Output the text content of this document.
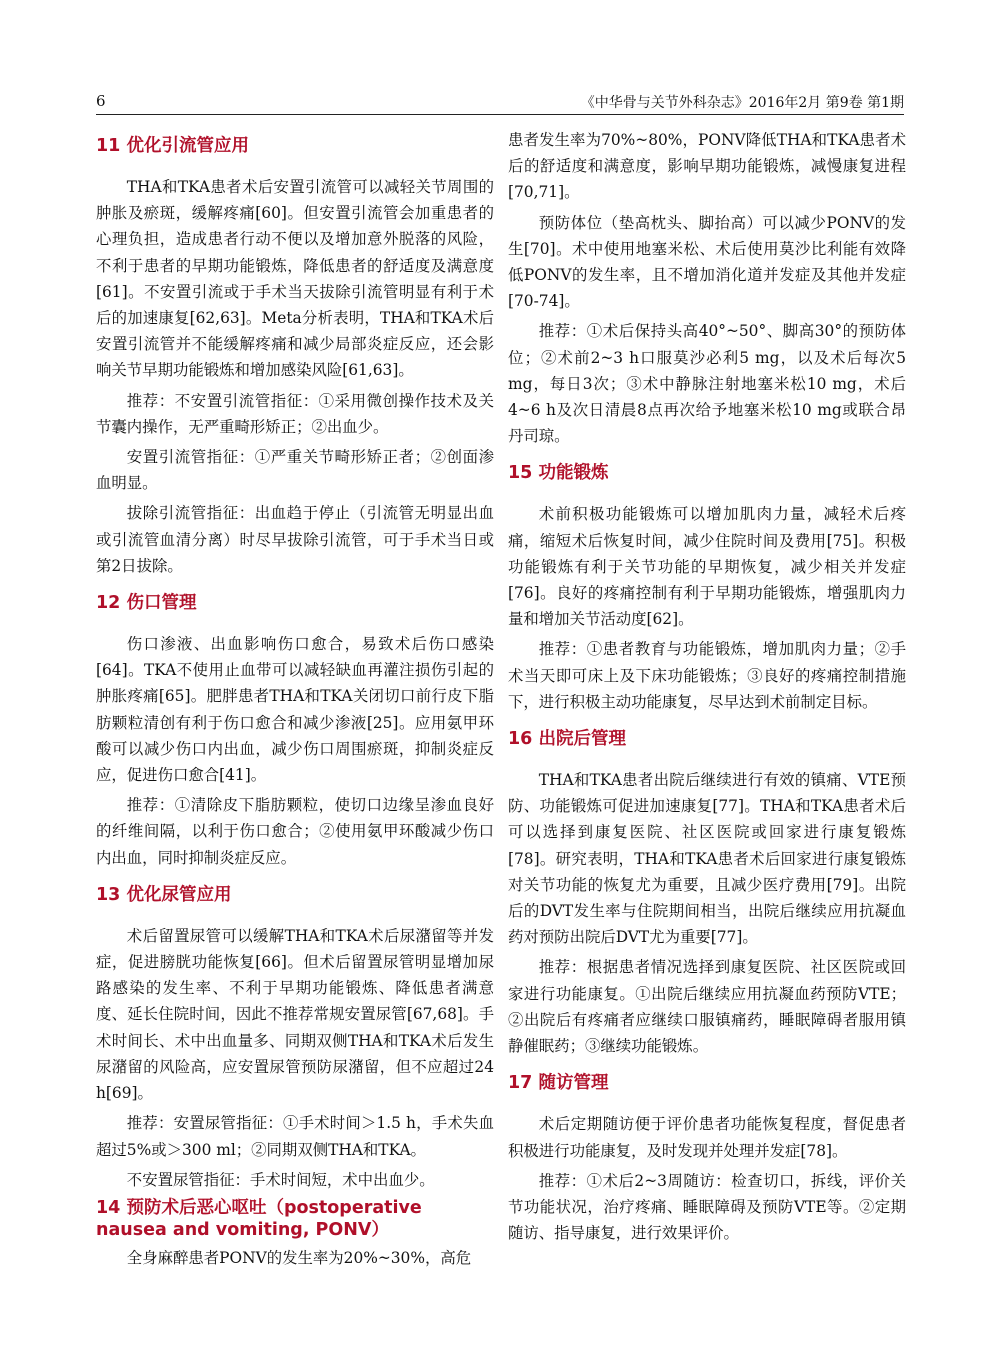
6	《中华骨与关节外科杂志》2016年2月 第9卷 第1期
11 优化引流管应用

THA和TKA患者术后安置引流管可以减轻关节周围的肿胀及瘀斑，缓解疼痛[60]。但安置引流管会加重患者的心理负担，造成患者行动不便以及增加意外脱落的风险，不利于患者的早期功能锻炼，降低患者的舒适度及满意度[61]。不安置引流或于手术当天拔除引流管明显有利于术后的加速康复[62,63]。Meta分析表明，THA和TKA术后安置引流管并不能缓解疼痛和减少局部炎症反应，还会影响关节早期功能锻炼和增加感染风险[61,63]。

推荐：不安置引流管指征：①采用微创操作技术及关节囊内操作，无严重畸形矫正；②出血少。

安置引流管指征：①严重关节畸形矫正者；②创面渗血明显。

拔除引流管指征：出血趋于停止（引流管无明显出血或引流管血清分离）时尽早拔除引流管，可于手术当日或第2日拔除。

12 伤口管理

伤口渗液、出血影响伤口愈合，易致术后伤口感染[64]。TKA不使用止血带可以减轻缺血再灌注损伤引起的肿胀疼痛[65]。肥胖患者THA和TKA关闭切口前行皮下脂肪颗粒清创有利于伤口愈合和减少渗液[25]。应用氨甲环酸可以减少伤口内出血，减少伤口周围瘀斑，抑制炎症反应，促进伤口愈合[41]。

推荐：①清除皮下脂肪颗粒，使切口边缘呈渗血良好的纤维间隔，以利于伤口愈合；②使用氨甲环酸减少伤口内出血，同时抑制炎症反应。

13 优化尿管应用

术后留置尿管可以缓解THA和TKA术后尿潴留等并发症，促进膀胱功能恢复[66]。但术后留置尿管明显增加尿路感染的发生率、不利于早期功能锻炼、降低患者满意度、延长住院时间，因此不推荐常规安置尿管[67,68]。手术时间长、术中出血量多、同期双侧THA和TKA术后发生尿潴留的风险高，应安置尿管预防尿潴留，但不应超过24 h[69]。

推荐：安置尿管指征：①手术时间＞1.5 h，手术失血超过5%或＞300 ml；②同期双侧THA和TKA。

不安置尿管指征：手术时间短，术中出血少。

14 预防术后恶心呕吐（postoperative nausea and vomiting, PONV）

全身麻醉患者PONV的发生率为20%~30%，高危

患者发生率为70%~80%，PONV降低THA和TKA患者术后的舒适度和满意度，影响早期功能锻炼，减慢康复进程[70,71]。

预防体位（垫高枕头、脚抬高）可以减少PONV的发生[70]。术中使用地塞米松、术后使用莫沙比利能有效降低PONV的发生率，且不增加消化道并发症及其他并发症[70-74]。

推荐：①术后保持头高40°~50°、脚高30°的预防体位；②术前2~3 h口服莫沙必利5 mg，以及术后每次5 mg，每日3次；③术中静脉注射地塞米松10 mg，术后4~6 h及次日清晨8点再次给予地塞米松10 mg或联合昂丹司琼。

15 功能锻炼

术前积极功能锻炼可以增加肌肉力量，减轻术后疼痛，缩短术后恢复时间，减少住院时间及费用[75]。积极功能锻炼有利于关节功能的早期恢复，减少相关并发症[76]。良好的疼痛控制有利于早期功能锻炼，增强肌肉力量和增加关节活动度[62]。

推荐：①患者教育与功能锻炼，增加肌肉力量；②手术当天即可床上及下床功能锻炼；③良好的疼痛控制措施下，进行积极主动功能康复，尽早达到术前制定目标。

16 出院后管理

THA和TKA患者出院后继续进行有效的镇痛、VTE预防、功能锻炼可促进加速康复[77]。THA和TKA患者术后可以选择到康复医院、社区医院或回家进行康复锻炼[78]。研究表明，THA和TKA患者术后回家进行康复锻炼对关节功能的恢复尤为重要，且减少医疗费用[79]。出院后的DVT发生率与住院期间相当，出院后继续应用抗凝血药对预防出院后DVT尤为重要[77]。

推荐：根据患者情况选择到康复医院、社区医院或回家进行功能康复。①出院后继续应用抗凝血药预防VTE；②出院后有疼痛者应继续口服镇痛药，睡眠障碍者服用镇静催眠药；③继续功能锻炼。

17 随访管理

术后定期随访便于评价患者功能恢复程度，督促患者积极进行功能康复，及时发现并处理并发症[78]。

推荐：①术后2~3周随访：检查切口，拆线，评价关节功能状况，治疗疼痛、睡眠障碍及预防VTE等。②定期随访、指导康复，进行效果评价。
